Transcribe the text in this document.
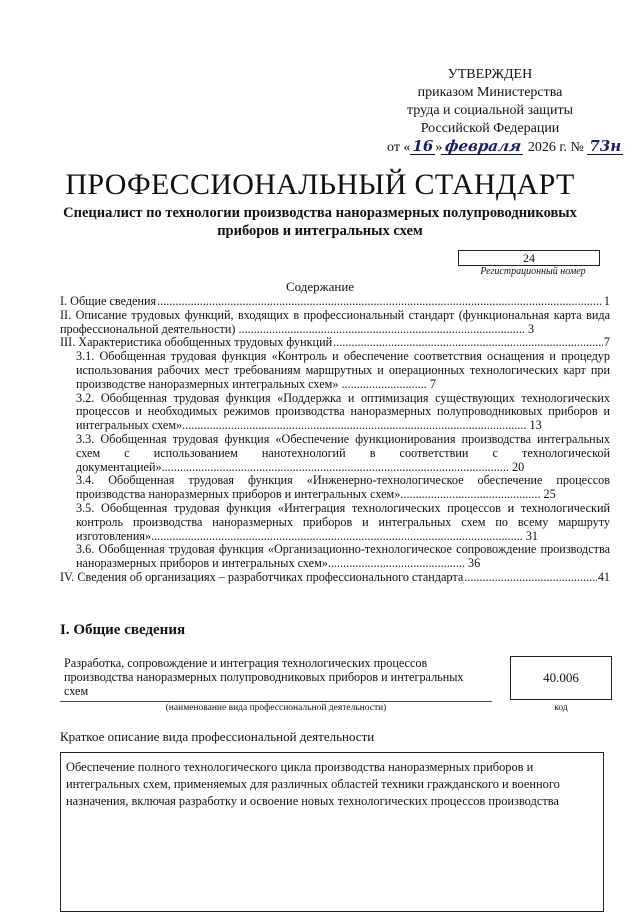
УТВЕРЖДЕН
приказом Министерства
труда и социальной защиты
Российской Федерации
от « 16 » февраля 2026 г. № 73н
ПРОФЕССИОНАЛЬНЫЙ СТАНДАРТ
Специалист по технологии производства наноразмерных полупроводниковых приборов и интегральных схем
24
Регистрационный номер
Содержание
I. Общие сведения .....	1
II. Описание трудовых функций, входящих в профессиональный стандарт (функциональная карта вида профессиональной деятельности) .............................................................................................. 3
III. Характеристика обобщенных трудовых функций .....	7
3.1. Обобщенная трудовая функция «Контроль и обеспечение соответствия оснащения и процедур использования рабочих мест требованиям маршрутных и операционных технологических карт при производстве наноразмерных интегральных схем» ............................ 7
3.2. Обобщенная трудовая функция «Поддержка и оптимизация существующих технологических процессов и необходимых режимов производства наноразмерных полупроводниковых приборов и интегральных схем»................................................................................................................. 13
3.3. Обобщенная трудовая функция «Обеспечение функционирования производства интегральных схем с использованием нанотехнологий в соответствии с технологической документацией».................................................................................................................. 20
3.4. Обобщенная трудовая функция «Инженерно-технологическое обеспечение процессов производства наноразмерных приборов и интегральных схем».............................................. 25
3.5. Обобщенная трудовая функция «Интеграция технологических процессов и технологический контроль производства наноразмерных приборов и интегральных схем по всему маршруту изготовления».......................................................................................................................... 31
3.6. Обобщенная трудовая функция «Организационно-технологическое сопровождение производства наноразмерных приборов и интегральных схем»............................................. 36
IV. Сведения об организациях – разработчиках профессионального стандарта .....	41
I. Общие сведения
Разработка, сопровождение и интеграция технологических процессов производства наноразмерных полупроводниковых приборов и интегральных схем
(наименование вида профессиональной деятельности)
40.006
код
Краткое описание вида профессиональной деятельности
Обеспечение полного технологического цикла производства наноразмерных приборов и интегральных схем, применяемых для различных областей техники гражданского и военного назначения, включая разработку и освоение новых технологических процессов производства
